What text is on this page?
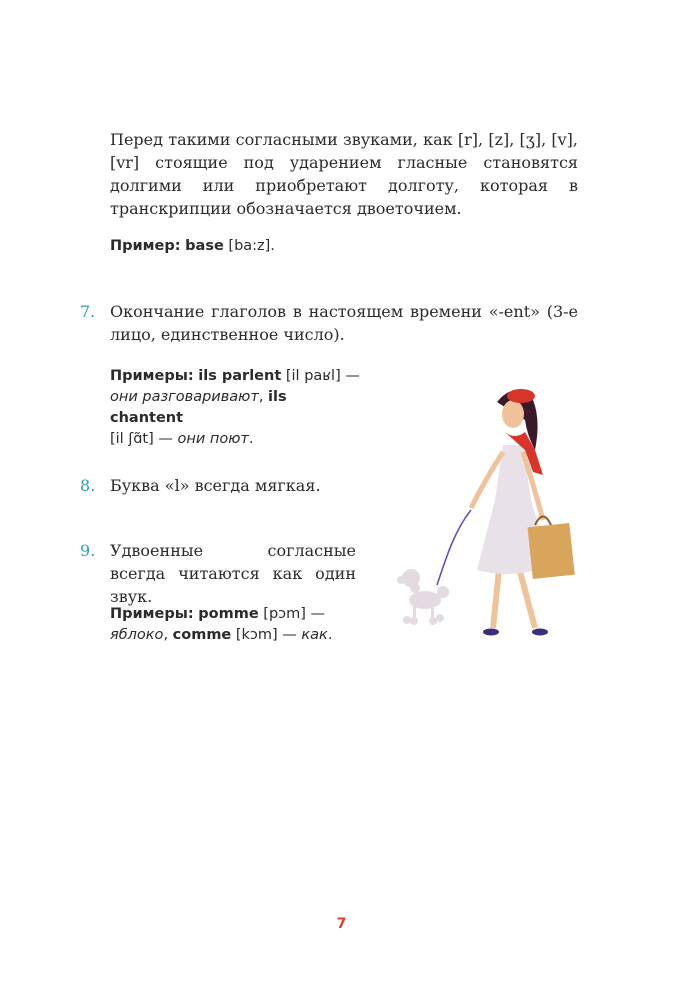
Перед такими согласными звуками, как [r], [z], [ʒ], [v], [vr] стоящие под ударением гласные становятся долгими или приобретают долготу, которая в транскрипции обозначается двоеточием.

Пример: base [ba:z].

7. Окончание глаголов в настоящем времени «-ent» (3-е лицо, единственное число).

Примеры: ils parlent [il paʁl] —
они разговаривают, ils chantent
[il ʃɑ̃t] — они поют.

8. Буква «l» всегда мягкая.

9. Удвоенные согласные всегда читаются как один звук.

Примеры: pomme [pɔm] —
яблоко, comme [kɔm] — как.

7
